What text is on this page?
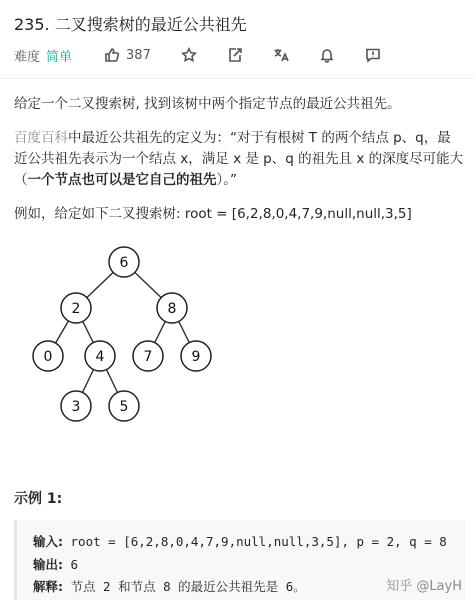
235. 二叉搜索树的最近公共祖先
难度 简单	387
给定一个二叉搜索树, 找到该树中两个指定节点的最近公共祖先。
百度百科中最近公共祖先的定义为：“对于有根树 T 的两个结点 p、q，最近公共祖先表示为一个结点 x，满足 x 是 p、q 的祖先且 x 的深度尽可能大（一个节点也可以是它自己的祖先）。”
例如，给定如下二叉搜索树: root = [6,2,8,0,4,7,9,null,null,3,5]
6
2	8
0	4	7	9
3	5
示例 1:
输入: root = [6,2,8,0,4,7,9,null,null,3,5], p = 2, q = 8
输出: 6
解释: 节点 2 和节点 8 的最近公共祖先是 6。	知乎 @LayH
